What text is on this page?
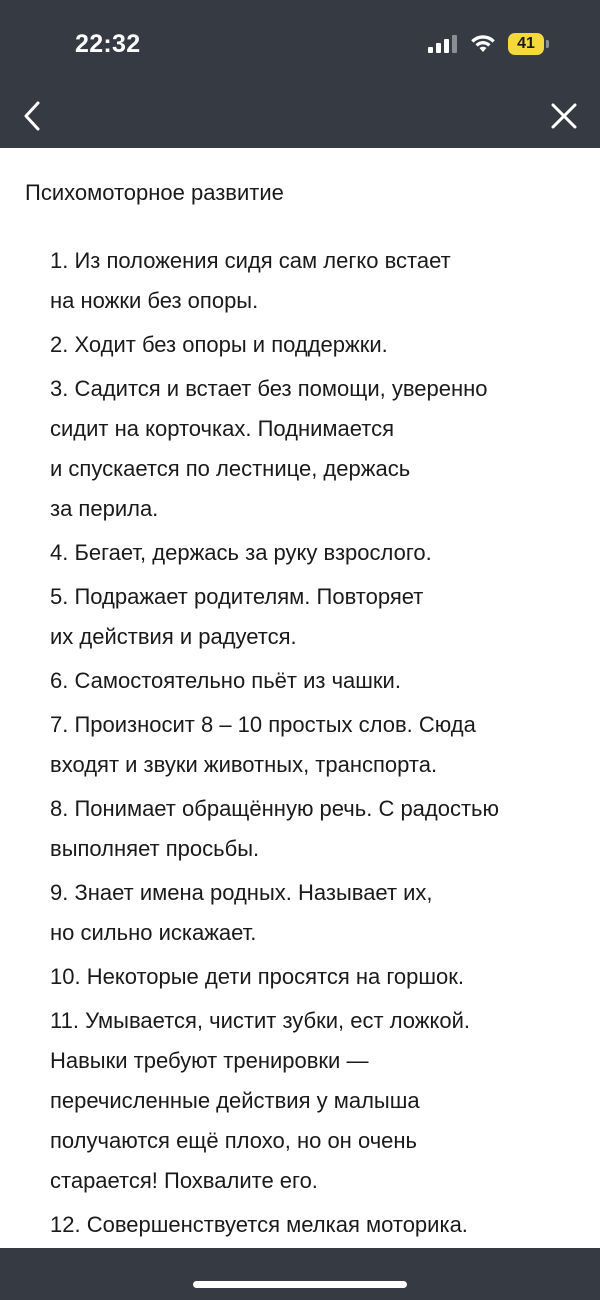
22:32	41
Психомоторное развитие
1. Из положения сидя сам легко встает
на ножки без опоры.
2. Ходит без опоры и поддержки.
3. Садится и встает без помощи, уверенно
сидит на корточках. Поднимается
и спускается по лестнице, держась
за перила.
4. Бегает, держась за руку взрослого.
5. Подражает родителям. Повторяет
их действия и радуется.
6. Самостоятельно пьёт из чашки.
7. Произносит 8 – 10 простых слов. Сюда
входят и звуки животных, транспорта.
8. Понимает обращённую речь. С радостью
выполняет просьбы.
9. Знает имена родных. Называет их,
но сильно искажает.
10. Некоторые дети просятся на горшок.
11. Умывается, чистит зубки, ест ложкой.
Навыки требуют тренировки —
перечисленные действия у малыша
получаются ещё плохо, но он очень
старается! Похвалите его.
12. Совершенствуется мелкая моторика.
